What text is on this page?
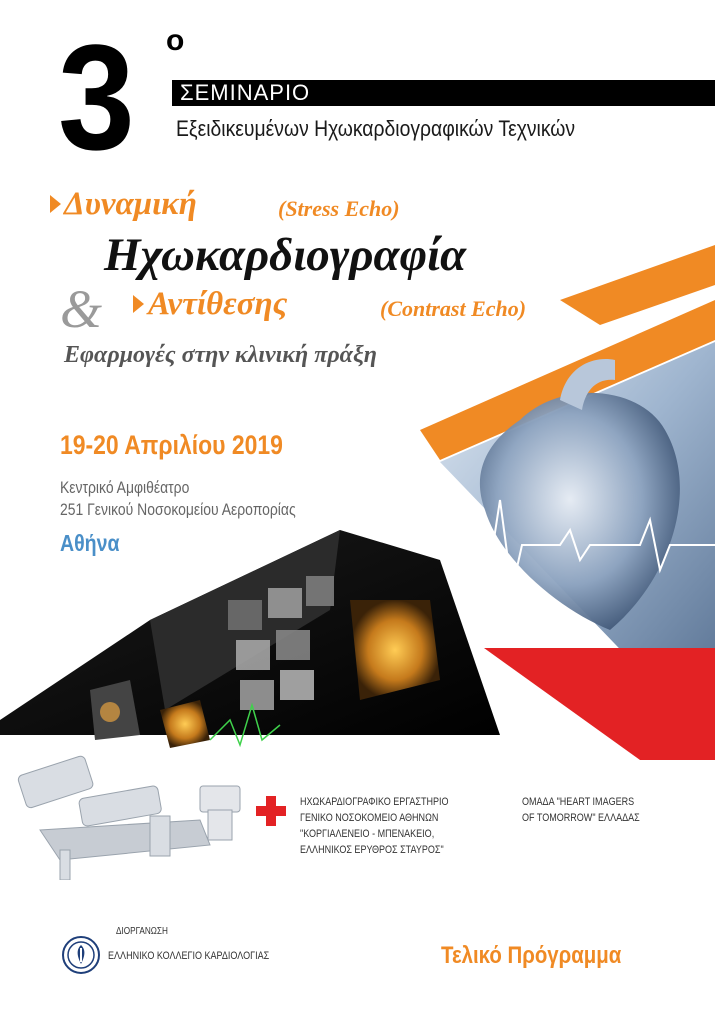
3 ο
ΣΕΜΙΝΑΡΙΟ
Εξειδικευμένων Ηχωκαρδιογραφικών Τεχνικών
Δυναμική	(Stress Echo)
Ηχωκαρδιογραφία
& Αντίθεσης	(Contrast Echo)
Εφαρμογές στην κλινική πράξη
19-20 Απριλίου 2019
Κεντρικό Αμφιθέατρο
251 Γενικού Νοσοκομείου Αεροπορίας
Αθήνα
ΗΧΩΚΑΡΔΙΟΓΡΑΦΙΚΟ ΕΡΓΑΣΤΗΡΙΟ
ΓΕΝΙΚΟ ΝΟΣΟΚΟΜΕΙΟ ΑΘΗΝΩΝ
"ΚΟΡΓΙΑΛΕΝΕΙΟ - ΜΠΕΝΑΚΕΙΟ,
ΕΛΛΗΝΙΚΟΣ ΕΡΥΘΡΟΣ ΣΤΑΥΡΟΣ"
ΟΜΑΔΑ "HEART IMAGERS
OF TOMORROW" ΕΛΛΑΔΑΣ
ΔΙΟΡΓΑΝΩΣΗ
ΕΛΛΗΝΙΚΟ ΚΟΛΛΕΓΙΟ ΚΑΡΔΙΟΛΟΓΙΑΣ	Τελικό Πρόγραμμα
